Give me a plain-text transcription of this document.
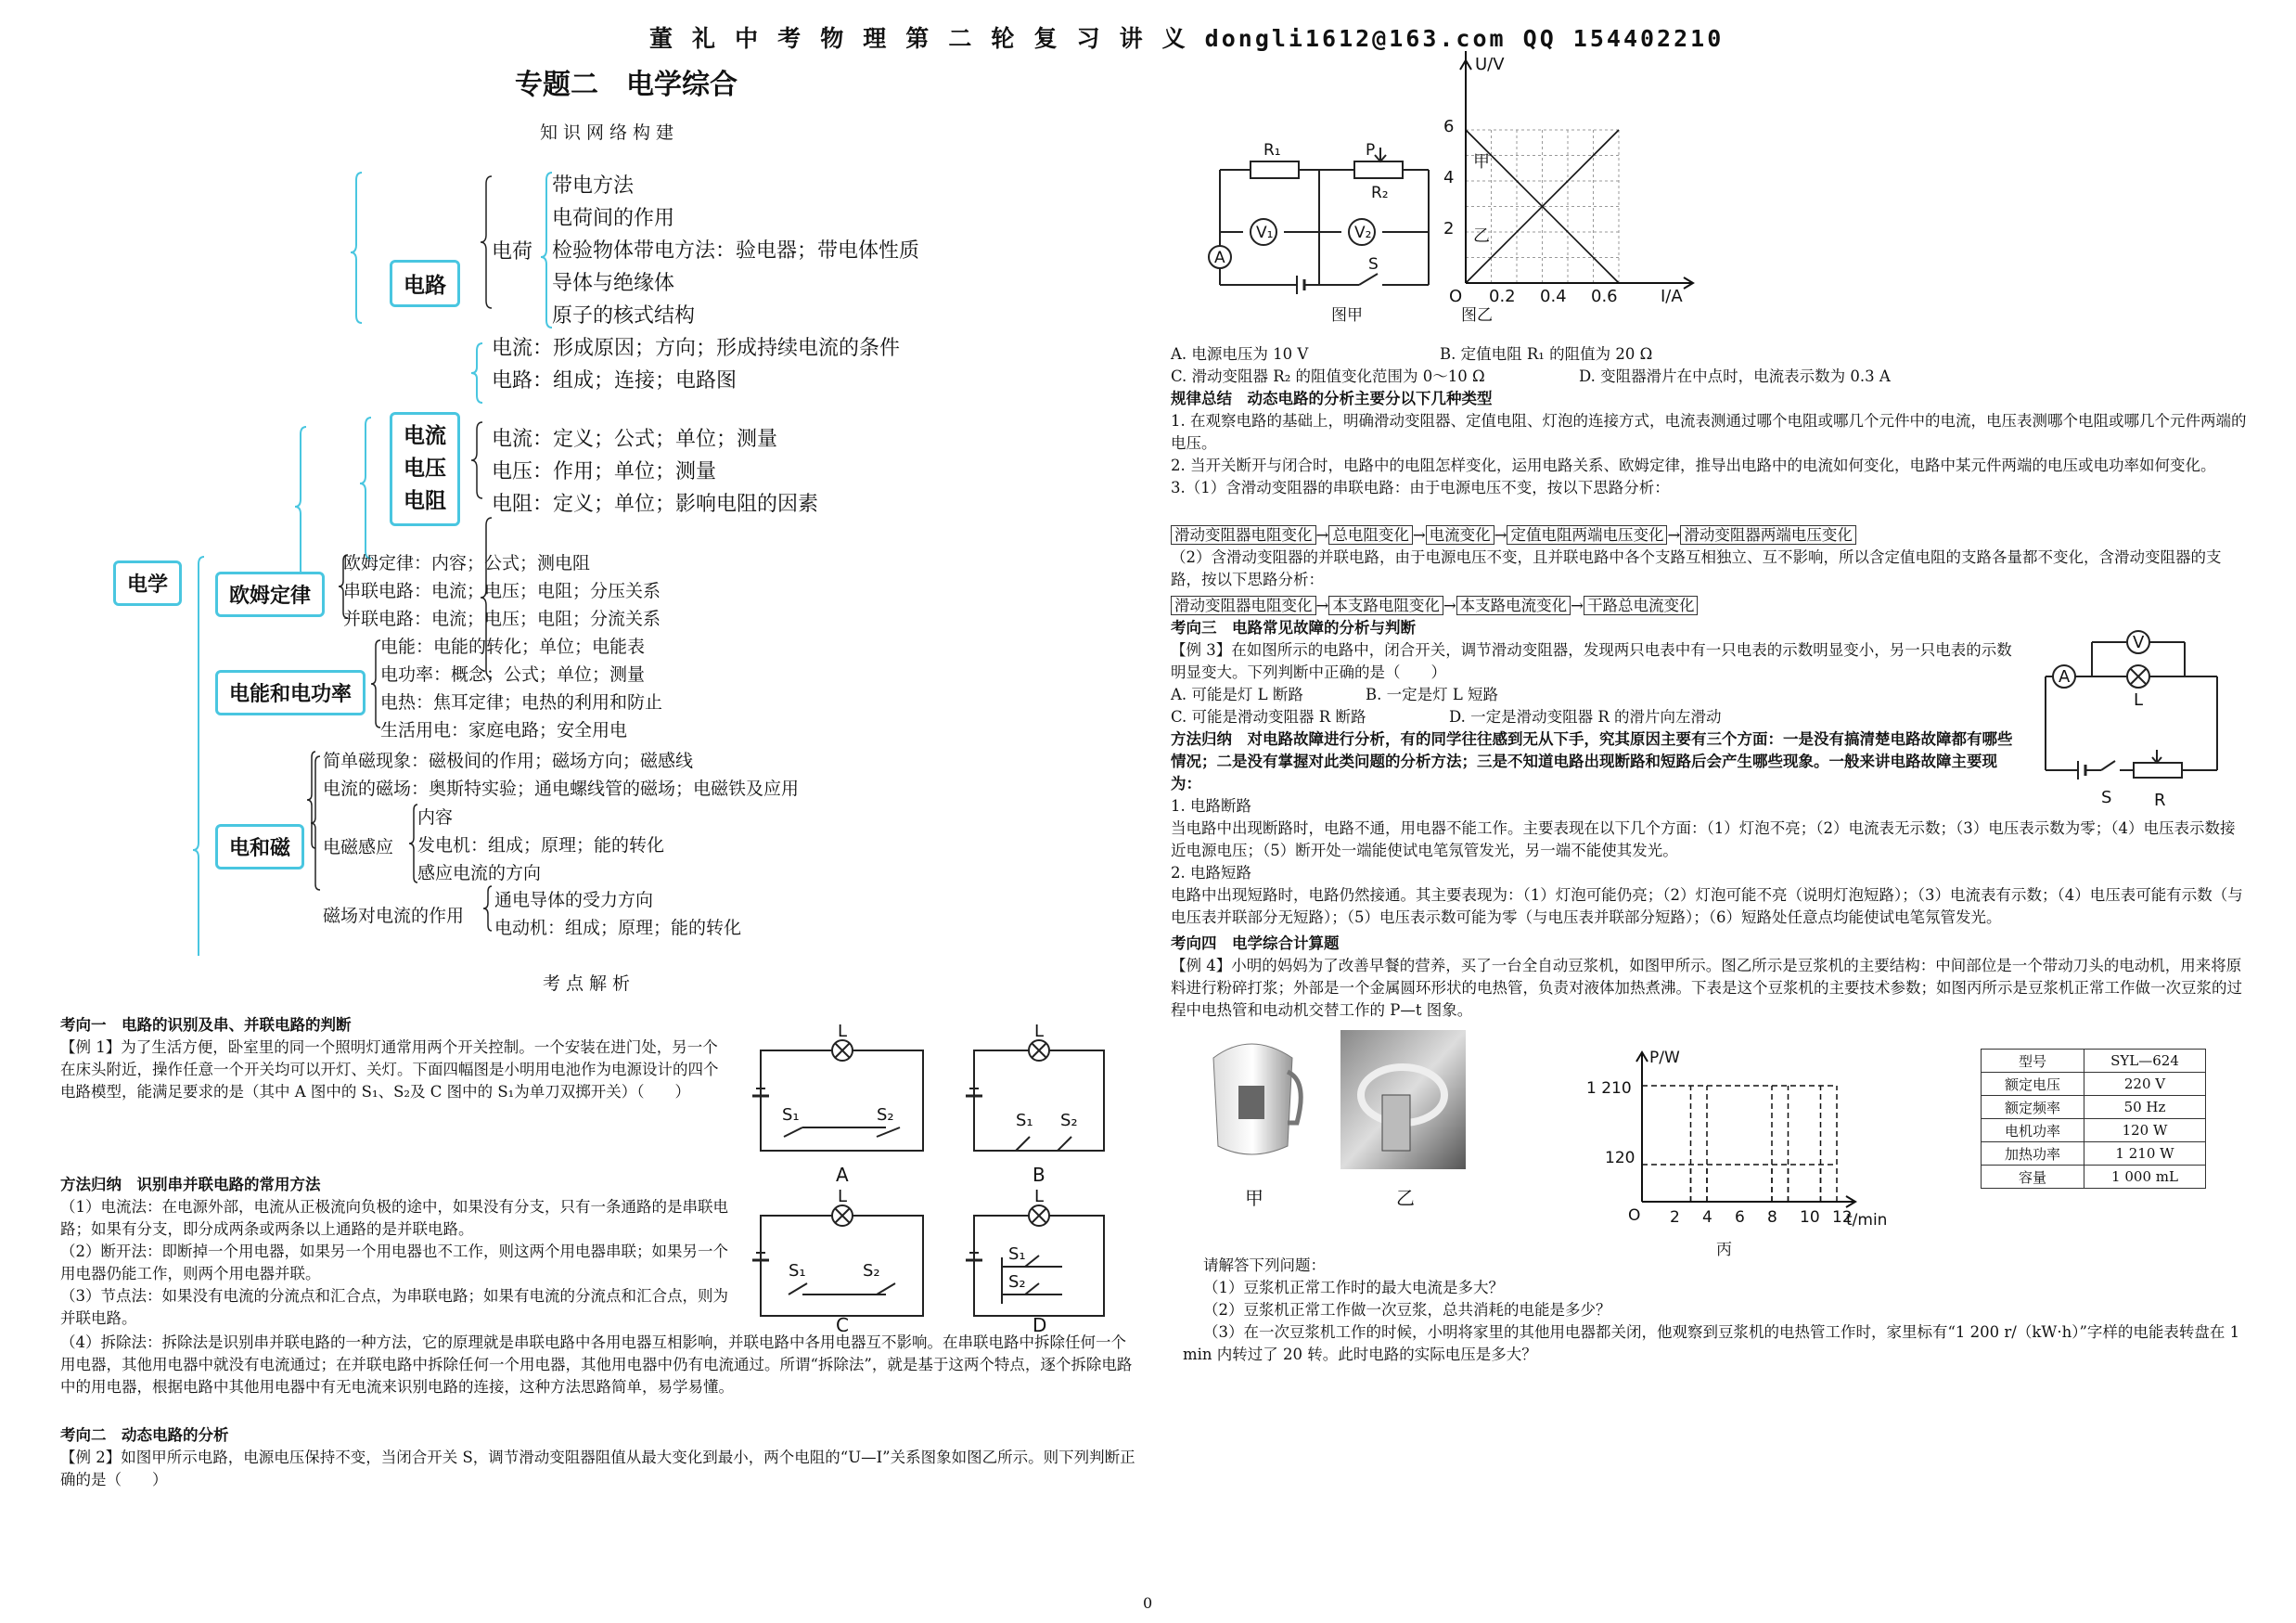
董 礼 中 考 物 理 第 二 轮 复 习 讲 义 dongli1612@163.com QQ 154402210
专题二　电学综合
知识网络构建
电路
电荷
带电方法
电荷间的作用
检验物体带电方法：验电器；带电体性质
导体与绝缘体
原子的核式结构
电流：形成原因；方向；形成持续电流的条件
电路：组成；连接；电路图
电流
电压
电阻
电流：定义；公式；单位；测量
电压：作用；单位；测量
电阻：定义；单位；影响电阻的因素
电学	欧姆定律
欧姆定律：内容；公式；测电阻
串联电路：电流；电压；电阻；分压关系
并联电路：电流；电压；电阻；分流关系
电能和电功率
电能：电能的转化；单位；电能表
电功率：概念；公式；单位；测量
电热：焦耳定律；电热的利用和防止
生活用电：家庭电路；安全用电
电和磁
简单磁现象：磁极间的作用；磁场方向；磁感线
电流的磁场：奥斯特实验；通电螺线管的磁场；电磁铁及应用
电磁感应
内容
发电机：组成；原理；能的转化
感应电流的方向
磁场对电流的作用
通电导体的受力方向
电动机：组成；原理；能的转化
考点解析
考向一　电路的识别及串、并联电路的判断
【例 1】为了生活方便，卧室里的同一个照明灯通常用两个开关控制。一个安装在进门处，另一个在床头附近，操作任意一个开关均可以开灯、关灯。下面四幅图是小明用电池作为电源设计的四个电路模型，能满足要求的是（其中 A 图中的 S₁、S₂及 C 图中的 S₁为单刀双掷开关）（　　）
L	L
L	L
S₁	S₂	S₁ S₂
S₁	S₂
S₁
S₂
A	B
C	D
方法归纳　识别串并联电路的常用方法

（1）电流法：在电源外部，电流从正极流向负极的途中，如果没有分支，只有一条通路的是串联电路；如果有分支，即分成两条或两条以上通路的是并联电路。

（2）断开法：即断掉一个用电器，如果另一个用电器也不工作，则这两个用电器串联；如果另一个用电器仍能工作，则两个用电器并联。

（3）节点法：如果没有电流的分流点和汇合点，为串联电路；如果有电流的分流点和汇合点，则为并联电路。

（4）拆除法：拆除法是识别串并联电路的一种方法，它的原理就是串联电路中各用电器互相影响，并联电路中各用电器互不影响。在串联电路中拆除任何一个用电器，其他用电器中就没有电流通过；在并联电路中拆除任何一个用电器，其他用电器中仍有电流通过。所谓“拆除法”，就是基于这两个特点，逐个拆除电路中的用电器，根据电路中其他用电器中有无电流来识别电路的连接，这种方法思路简单，易学易懂。
考向二　动态电路的分析
【例 2】如图甲所示电路，电源电压保持不变，当闭合开关 S，调节滑动变阻器阻值从最大变化到最小，两个电阻的“U—I”关系图象如图乙所示。则下列判断正确的是（　　）
R₁	P
R₂
V₁	V₂
A	S
O
U/V
I/A
2
4
6
0.2 0.4 0.6
甲
乙
图甲	图乙

A. 电源电压为 10 V	B. 定值电阻 R₁ 的阻值为 20 Ω

C. 滑动变阻器 R₂ 的阻值变化范围为 0～10 Ω	D. 变阻器滑片在中点时，电流表示数为 0.3 A

规律总结　动态电路的分析主要分以下几种类型

1. 在观察电路的基础上，明确滑动变阻器、定值电阻、灯泡的连接方式，电流表测通过哪个电阻或哪几个元件中的电流，电压表测哪个电阻或哪几个元件两端的电压。

2. 当开关断开与闭合时，电路中的电阻怎样变化，运用电路关系、欧姆定律，推导出电路中的电流如何变化，电路中某元件两端的电压或电功率如何变化。

3.（1）含滑动变阻器的串联电路：由于电源电压不变，按以下思路分析：

滑动变阻器电阻变化 → 总电阻变化 → 电流变化 → 定值电阻两端电压变化 → 滑动变阻器两端电压变化
（2）含滑动变阻器的并联电路，由于电源电压不变，且并联电路中各个支路互相独立、互不影响，所以含定值电阻的支路各量都不变化，含滑动变阻器的支路，按以下思路分析：
滑动变阻器电阻变化 → 本支路电阻变化 → 本支路电流变化 → 干路总电流变化
考向三　电路常见故障的分析与判断
【例 3】在如图所示的电路中，闭合开关，调节滑动变阻器，发现两只电表中有一只电表的示数明显变小，另一只电表的示数明显变大。下列判断中正确的是（　　）

A. 可能是灯 L 断路	B. 一定是灯 L 短路

C. 可能是滑动变阻器 R 断路	D. 一定是滑动变阻器 R 的滑片向左滑动

V
A
L
S	R
方法归纳　对电路故障进行分析，有的同学往往感到无从下手，究其原因主要有三个方面：一是没有搞清楚电路故障都有哪些情况；二是没有掌握对此类问题的分析方法；三是不知道电路出现断路和短路后会产生哪些现象。一般来讲电路故障主要现为：

1. 电路断路

当电路中出现断路时，电路不通，用电器不能工作。主要表现在以下几个方面：（1）灯泡不亮；（2）电流表无示数；（3）电压表示数为零；（4）电压表示数接近电源电压；（5）断开处一端能使试电笔氖管发光，另一端不能使其发光。

2. 电路短路

电路中出现短路时，电路仍然接通。其主要表现为：（1）灯泡可能仍亮；（2）灯泡可能不亮（说明灯泡短路）；（3）电流表有示数；（4）电压表可能有示数（与电压表并联部分无短路）；（5）电压表示数可能为零（与电压表并联部分短路）；（6）短路处任意点均能使试电笔氖管发光。

考向四　电学综合计算题
【例 4】小明的妈妈为了改善早餐的营养，买了一台全自动豆浆机，如图甲所示。图乙所示是豆浆机的主要结构：中间部位是一个带动刀头的电动机，用来将原料进行粉碎打浆；外部是一个金属圆环形状的电热管，负责对液体加热煮沸。下表是这个豆浆机的主要技术参数；如图丙所示是豆浆机正常工作做一次豆浆的过程中电热管和电动机交替工作的 P—t 图象。
甲	乙
P/W
t/min
O
1 210
120
2 4 6 8 10 12
丙
型号	SYL—624
额定电压	220 V
额定频率	50 Hz
电机功率	120 W
加热功率	1 210 W
容量	1 000 mL

请解答下列问题：

（1）豆浆机正常工作时的最大电流是多大？

（2）豆浆机正常工作做一次豆浆，总共消耗的电能是多少？

（3）在一次豆浆机工作的时候，小明将家里的其他用电器都关闭，他观察到豆浆机的电热管工作时，家里标有“1 200 r/（kW·h）”字样的电能表转盘在 1 min 内转过了 20 转。此时电路的实际电压是多大？

0
